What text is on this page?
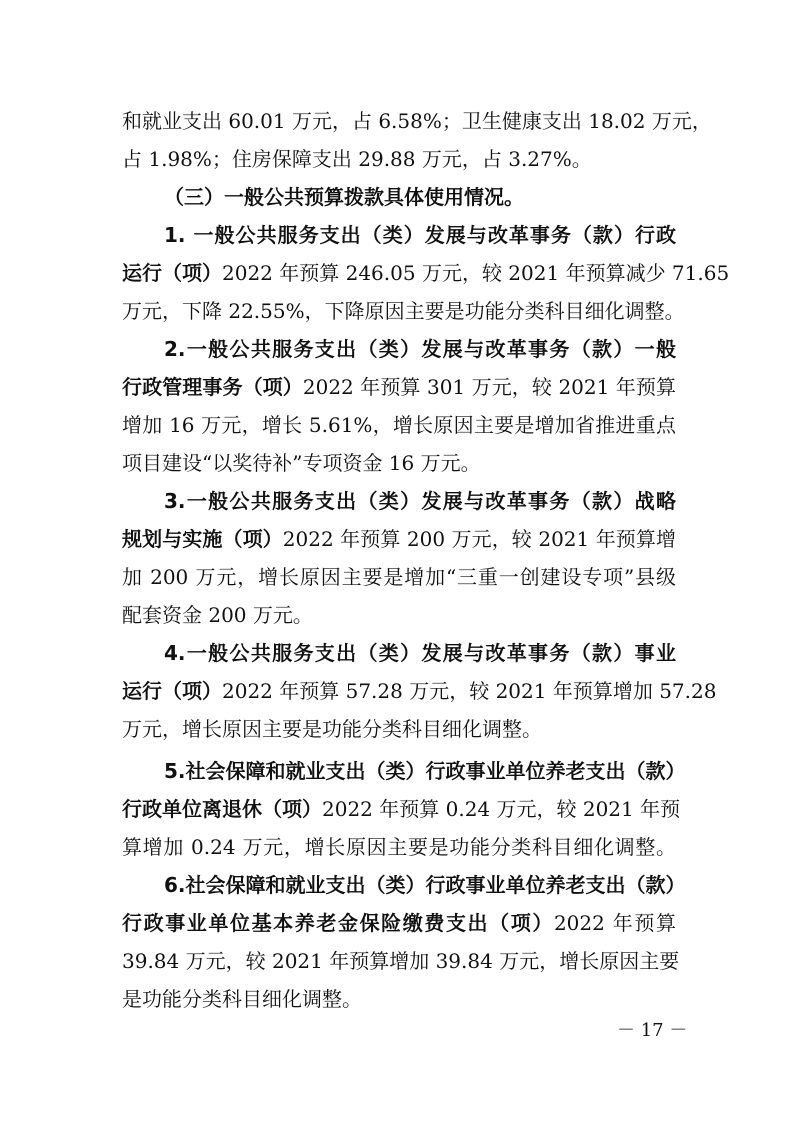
和就业支出 60.01 万元，占 6.58%；卫生健康支出 18.02 万元，
占 1.98%；住房保障支出 29.88 万元，占 3.27%。
（三）一般公共预算拨款具体使用情况。
1. 一般公共服务支出（类）发展与改革事务（款）行政
运行（项）2022 年预算 246.05 万元，较 2021 年预算减少 71.65
万元，下降 22.55%，下降原因主要是功能分类科目细化调整。
2.一般公共服务支出（类）发展与改革事务（款）一般
行政管理事务（项）2022 年预算 301 万元，较 2021 年预算
增加 16 万元，增长 5.61%，增长原因主要是增加省推进重点
项目建设“以奖待补”专项资金 16 万元。
3.一般公共服务支出（类）发展与改革事务（款）战略
规划与实施（项）2022 年预算 200 万元，较 2021 年预算增
加 200 万元，增长原因主要是增加“三重一创建设专项”县级
配套资金 200 万元。
4.一般公共服务支出（类）发展与改革事务（款）事业
运行（项）2022 年预算 57.28 万元，较 2021 年预算增加 57.28
万元，增长原因主要是功能分类科目细化调整。
5.社会保障和就业支出（类）行政事业单位养老支出（款）
行政单位离退休（项）2022 年预算 0.24 万元，较 2021 年预
算增加 0.24 万元，增长原因主要是功能分类科目细化调整。
6.社会保障和就业支出（类）行政事业单位养老支出（款）
行政事业单位基本养老金保险缴费支出（项）2022 年预算
39.84 万元，较 2021 年预算增加 39.84 万元，增长原因主要
是功能分类科目细化调整。
－ 17 －
